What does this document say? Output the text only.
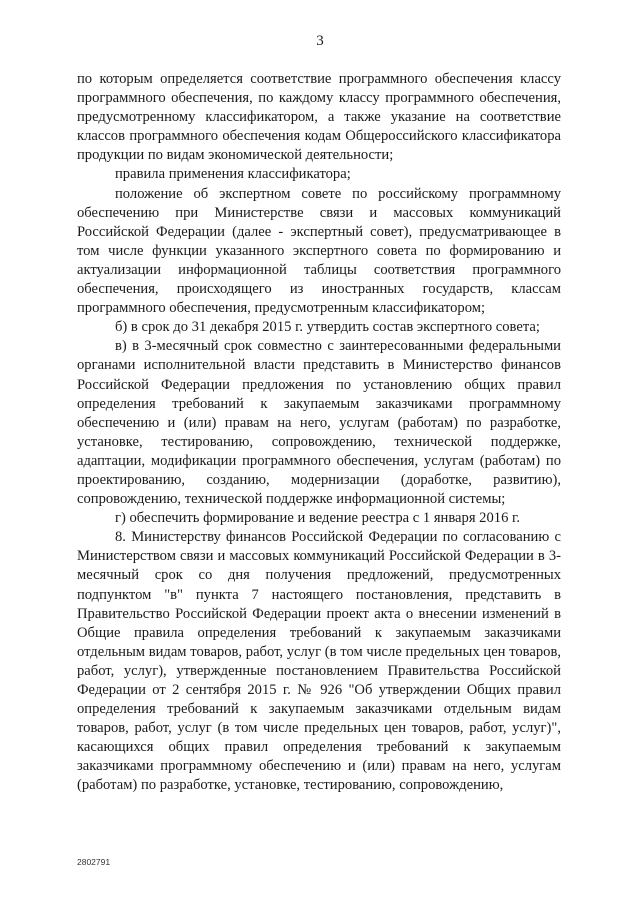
3

по которым определяется соответствие программного обеспечения классу программного обеспечения, по каждому классу программного обеспечения, предусмотренному классификатором, а также указание на соответствие классов программного обеспечения кодам Общероссийского классификатора продукции по видам экономической деятельности;

правила применения классификатора;

положение об экспертном совете по российскому программному обеспечению при Министерстве связи и массовых коммуникаций Российской Федерации (далее - экспертный совет), предусматривающее в том числе функции указанного экспертного совета по формированию и актуализации информационной таблицы соответствия программного обеспечения, происходящего из иностранных государств, классам программного обеспечения, предусмотренным классификатором;

б) в срок до 31 декабря 2015 г. утвердить состав экспертного совета;

в) в 3-месячный срок совместно с заинтересованными федеральными органами исполнительной власти представить в Министерство финансов Российской Федерации предложения по установлению общих правил определения требований к закупаемым заказчиками программному обеспечению и (или) правам на него, услугам (работам) по разработке, установке, тестированию, сопровождению, технической поддержке, адаптации, модификации программного обеспечения, услугам (работам) по проектированию, созданию, модернизации (доработке, развитию), сопровождению, технической поддержке информационной системы;

г) обеспечить формирование и ведение реестра с 1 января 2016 г.

8. Министерству финансов Российской Федерации по согласованию с Министерством связи и массовых коммуникаций Российской Федерации в 3-месячный срок со дня получения предложений, предусмотренных подпунктом "в" пункта 7 настоящего постановления, представить в Правительство Российской Федерации проект акта о внесении изменений в Общие правила определения требований к закупаемым заказчиками отдельным видам товаров, работ, услуг (в том числе предельных цен товаров, работ, услуг), утвержденные постановлением Правительства Российской Федерации от 2 сентября 2015 г. № 926 "Об утверждении Общих правил определения требований к закупаемым заказчиками отдельным видам товаров, работ, услуг (в том числе предельных цен товаров, работ, услуг)", касающихся общих правил определения требований к закупаемым заказчиками программному обеспечению и (или) правам на него, услугам (работам) по разработке, установке, тестированию, сопровождению,

2802791
